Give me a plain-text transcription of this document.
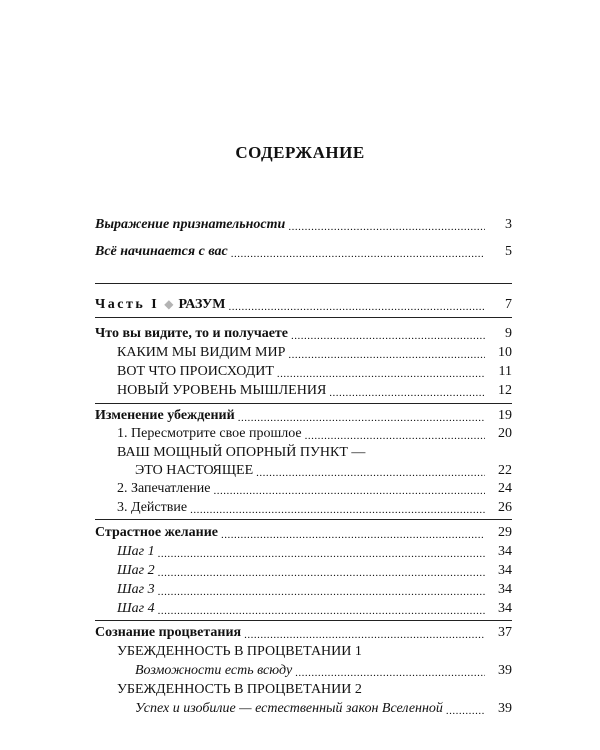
СОДЕРЖАНИЕ
Выражение признательности .....	3
Всё начинается с вас .....	5
Часть I ◆ РАЗУМ .....	7
Что вы видите, то и получаете .....	9
КАКИМ МЫ ВИДИМ МИР .....	10
ВОТ ЧТО ПРОИСХОДИТ .....	11
НОВЫЙ УРОВЕНЬ МЫШЛЕНИЯ .....	12
Изменение убеждений .....	19
1. Пересмотрите свое прошлое .....	20
ВАШ МОЩНЫЙ ОПОРНЫЙ ПУНКТ —
ЭТО НАСТОЯЩЕЕ .....	22
2. Запечатление .....	24
3. Действие .....	26
Страстное желание .....	29
Шаг 1 .....	34
Шаг 2 .....	34
Шаг 3 .....	34
Шаг 4 .....	34
Сознание процветания .....	37
УБЕЖДЕННОСТЬ В ПРОЦВЕТАНИИ 1
Возможности есть всюду .....	39
УБЕЖДЕННОСТЬ В ПРОЦВЕТАНИИ 2
Успех и изобилие — естественный закон Вселенной .....	39
